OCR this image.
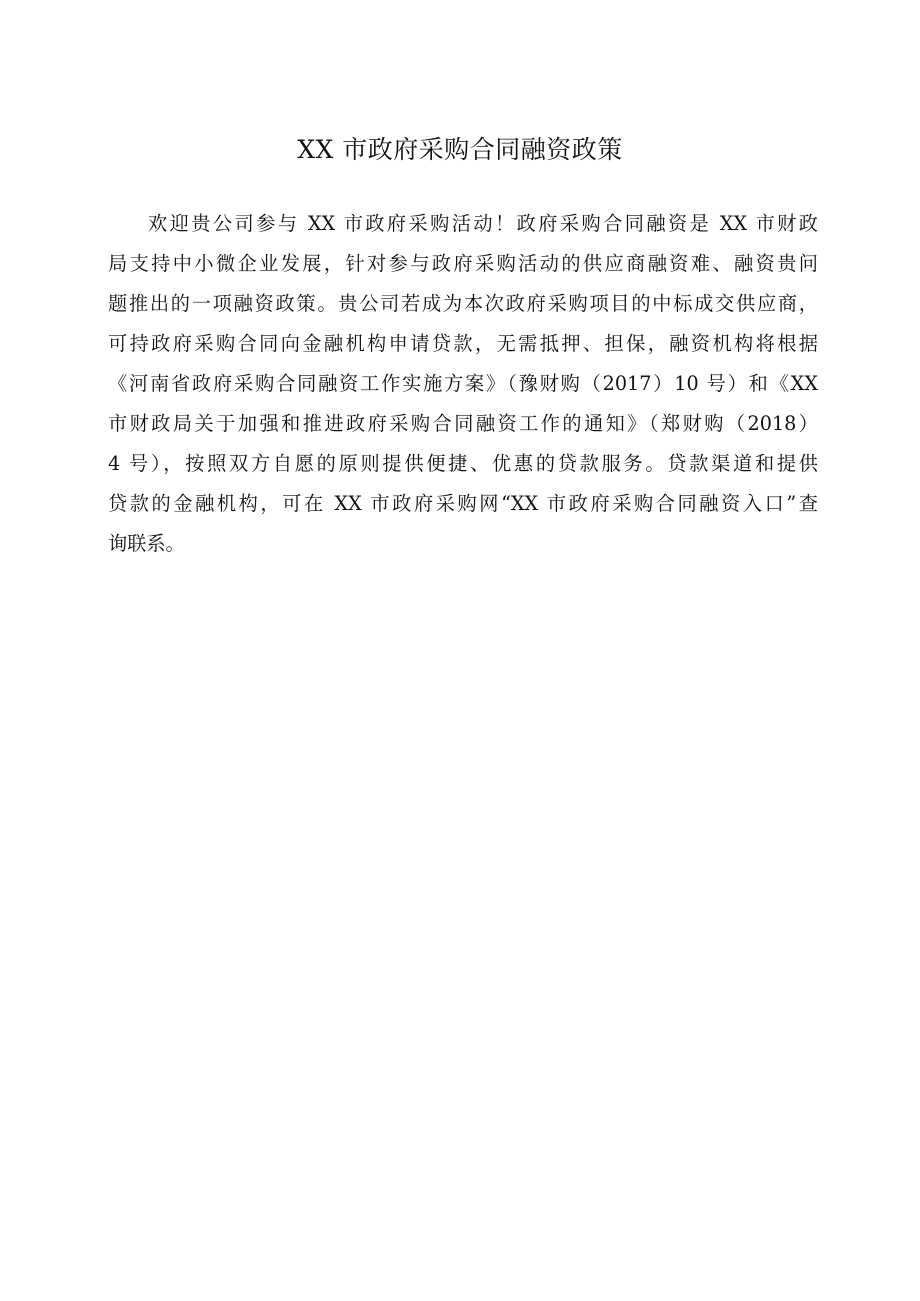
XX 市政府采购合同融资政策
欢迎贵公司参与 XX 市政府采购活动！政府采购合同融资是 XX 市财政
局支持中小微企业发展，针对参与政府采购活动的供应商融资难、融资贵问
题推出的一项融资政策。贵公司若成为本次政府采购项目的中标成交供应商，
可持政府采购合同向金融机构申请贷款，无需抵押、担保，融资机构将根据
《河南省政府采购合同融资工作实施方案》（豫财购（2017）10 号）和《XX
市财政局关于加强和推进政府采购合同融资工作的通知》（郑财购（2018）
4 号），按照双方自愿的原则提供便捷、优惠的贷款服务。贷款渠道和提供
贷款的金融机构，可在 XX 市政府采购网“XX 市政府采购合同融资入口”查
询联系。
